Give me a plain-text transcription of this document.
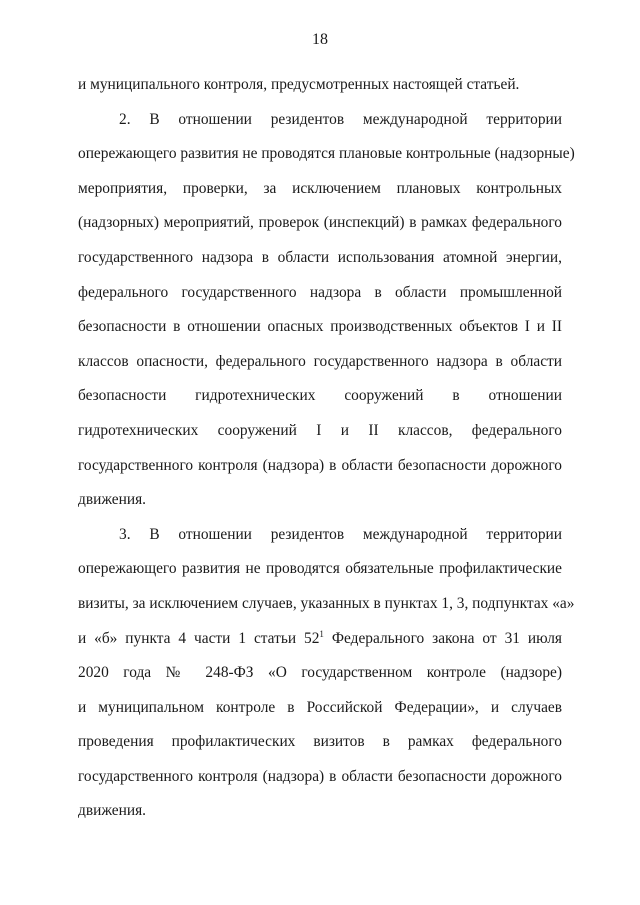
18
и муниципального контроля, предусмотренных настоящей статьей.
2. В отношении резидентов международной территории
опережающего развития не проводятся плановые контрольные (надзорные)
мероприятия, проверки, за исключением плановых контрольных
(надзорных) мероприятий, проверок (инспекций) в рамках федерального
государственного надзора в области использования атомной энергии,
федерального государственного надзора в области промышленной
безопасности в отношении опасных производственных объектов I и II
классов опасности, федерального государственного надзора в области
безопасности гидротехнических сооружений в отношении
гидротехнических сооружений I и II классов, федерального
государственного контроля (надзора) в области безопасности дорожного
движения.
3. В отношении резидентов международной территории
опережающего развития не проводятся обязательные профилактические
визиты, за исключением случаев, указанных в пунктах 1, 3, подпунктах «а»
и «б» пункта 4 части 1 статьи $52^1$ Федерального закона от 31 июля
2020 года № 248-ФЗ «О государственном контроле (надзоре)
и муниципальном контроле в Российской Федерации», и случаев
проведения профилактических визитов в рамках федерального
государственного контроля (надзора) в области безопасности дорожного
движения.
